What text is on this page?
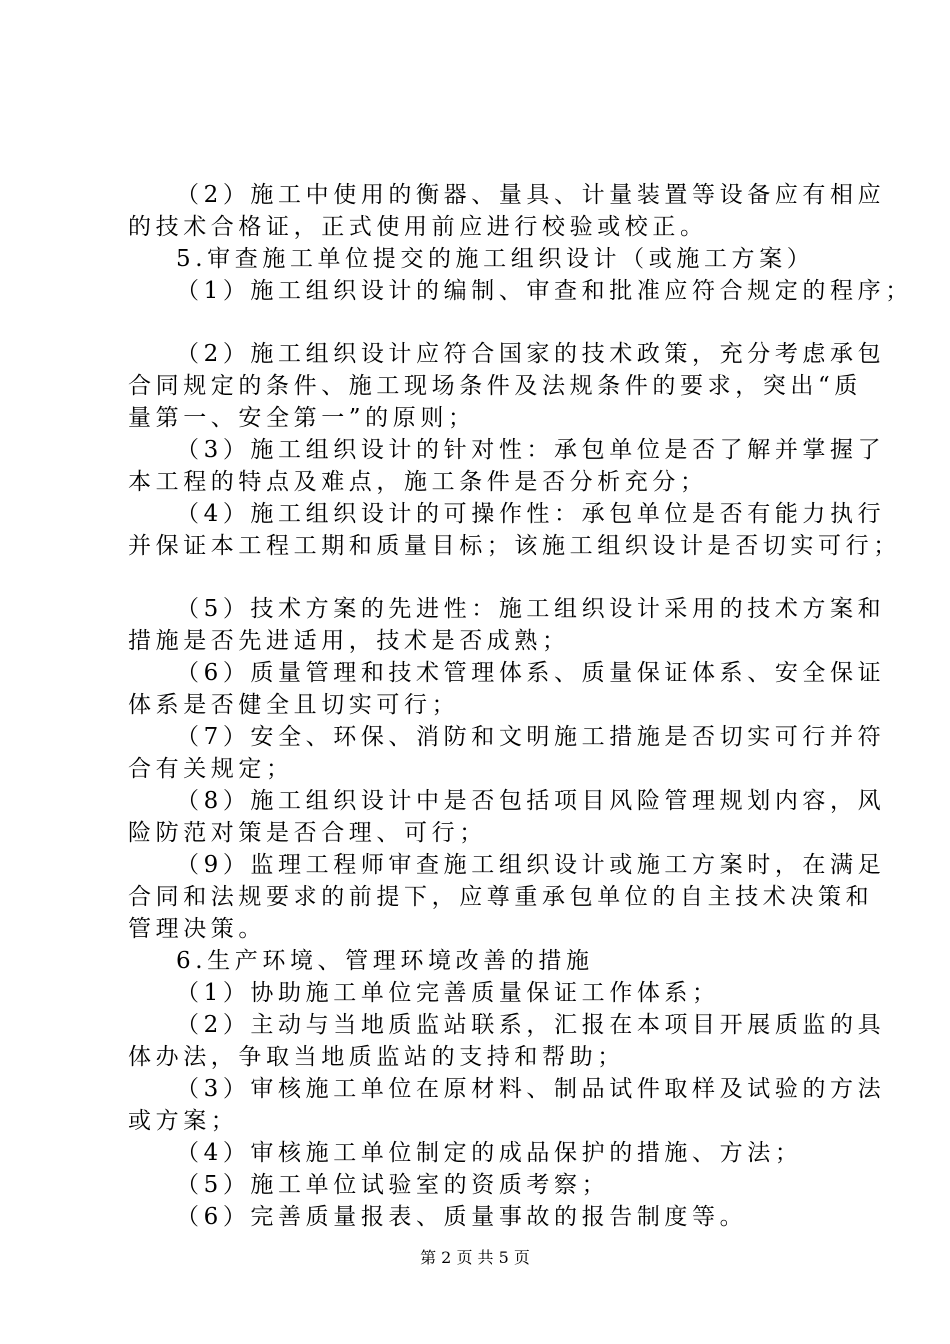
（2）施工中使用的衡器、量具、计量装置等设备应有相应
的技术合格证，正式使用前应进行校验或校正。
5.审查施工单位提交的施工组织设计（或施工方案）
（1）施工组织设计的编制、审查和批准应符合规定的程序；
（2）施工组织设计应符合国家的技术政策，充分考虑承包
合同规定的条件、施工现场条件及法规条件的要求，突出“质
量第一、安全第一”的原则；
（3）施工组织设计的针对性：承包单位是否了解并掌握了
本工程的特点及难点，施工条件是否分析充分；
（4）施工组织设计的可操作性：承包单位是否有能力执行
并保证本工程工期和质量目标；该施工组织设计是否切实可行；
（5）技术方案的先进性：施工组织设计采用的技术方案和
措施是否先进适用，技术是否成熟；
（6）质量管理和技术管理体系、质量保证体系、安全保证
体系是否健全且切实可行；
（7）安全、环保、消防和文明施工措施是否切实可行并符
合有关规定；
（8）施工组织设计中是否包括项目风险管理规划内容，风
险防范对策是否合理、可行；
（9）监理工程师审查施工组织设计或施工方案时，在满足
合同和法规要求的前提下，应尊重承包单位的自主技术决策和
管理决策。
6.生产环境、管理环境改善的措施
（1）协助施工单位完善质量保证工作体系；
（2）主动与当地质监站联系，汇报在本项目开展质监的具
体办法，争取当地质监站的支持和帮助；
（3）审核施工单位在原材料、制品试件取样及试验的方法
或方案；
（4）审核施工单位制定的成品保护的措施、方法；
（5）施工单位试验室的资质考察；
（6）完善质量报表、质量事故的报告制度等。
第 2 页 共 5 页
